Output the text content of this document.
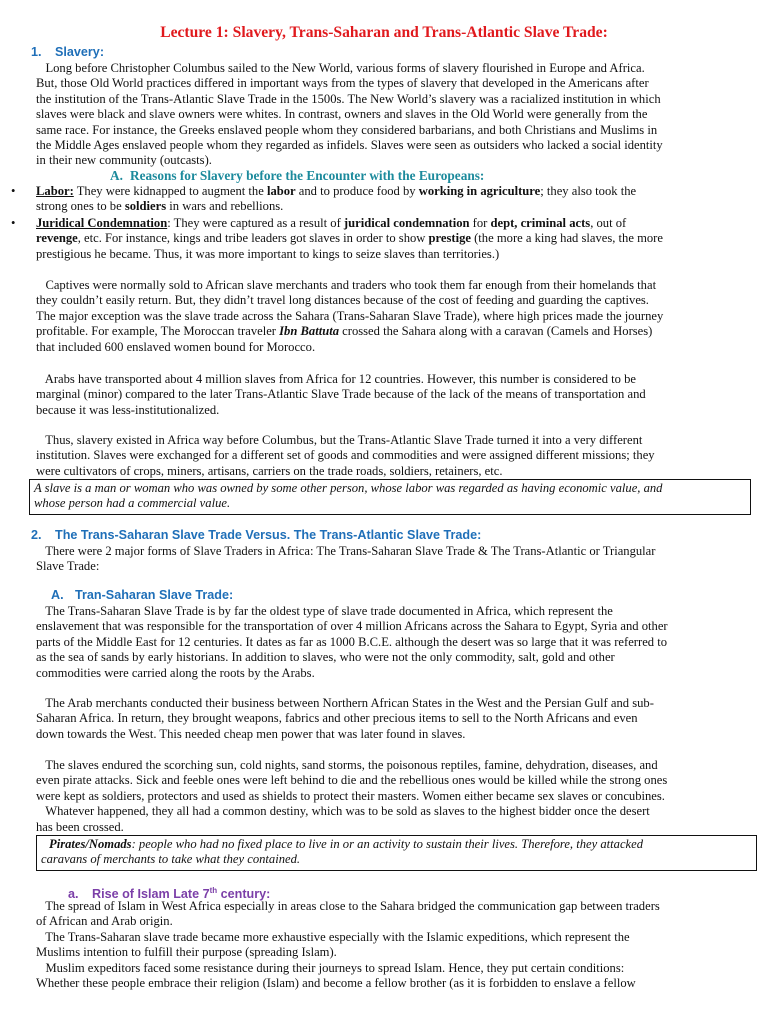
Lecture 1: Slavery, Trans-Saharan and Trans-Atlantic Slave Trade:
1. Slavery:

Long before Christopher Columbus sailed to the New World, various forms of slavery flourished in Europe and Africa.

But, those Old World practices differed in important ways from the types of slavery that developed in the Americans after

the institution of the Trans-Atlantic Slave Trade in the 1500s. The New World’s slavery was a racialized institution in which

slaves were black and slave owners were whites. In contrast, owners and slaves in the Old World were generally from the

same race. For instance, the Greeks enslaved people whom they considered barbarians, and both Christians and Muslims in

the Middle Ages enslaved people whom they regarded as infidels. Slaves were seen as outsiders who lacked a social identity

in their new community (outcasts).

A. Reasons for Slavery before the Encounter with the Europeans:
• Labor: They were kidnapped to augment the labor and to produce food by working in agriculture; they also took the

strong ones to be soldiers in wars and rebellions.

• Juridical Condemnation: They were captured as a result of juridical condemnation for dept, criminal acts, out of

revenge, etc. For instance, kings and tribe leaders got slaves in order to show prestige (the more a king had slaves, the more

prestigious he became. Thus, it was more important to kings to seize slaves than territories.)

Captives were normally sold to African slave merchants and traders who took them far enough from their homelands that

they couldn’t easily return. But, they didn’t travel long distances because of the cost of feeding and guarding the captives.

The major exception was the slave trade across the Sahara (Trans-Saharan Slave Trade), where high prices made the journey

profitable. For example, The Moroccan traveler Ibn Battuta crossed the Sahara along with a caravan (Camels and Horses)

that included 600 enslaved women bound for Morocco.

Arabs have transported about 4 million slaves from Africa for 12 countries. However, this number is considered to be

marginal (minor) compared to the later Trans-Atlantic Slave Trade because of the lack of the means of transportation and

because it was less-institutionalized.

Thus, slavery existed in Africa way before Columbus, but the Trans-Atlantic Slave Trade turned it into a very different

institution. Slaves were exchanged for a different set of goods and commodities and were assigned different missions; they

were cultivators of crops, miners, artisans, carriers on the trade roads, soldiers, retainers, etc.

A slave is a man or woman who was owned by some other person, whose labor was regarded as having economic value, and

whose person had a commercial value.

2. The Trans-Saharan Slave Trade Versus. The Trans-Atlantic Slave Trade:

There were 2 major forms of Slave Traders in Africa: The Trans-Saharan Slave Trade & The Trans-Atlantic or Triangular

Slave Trade:

A. Tran-Saharan Slave Trade:

The Trans-Saharan Slave Trade is by far the oldest type of slave trade documented in Africa, which represent the

enslavement that was responsible for the transportation of over 4 million Africans across the Sahara to Egypt, Syria and other

parts of the Middle East for 12 centuries. It dates as far as 1000 B.C.E. although the desert was so large that it was referred to

as the sea of sands by early historians. In addition to slaves, who were not the only commodity, salt, gold and other

commodities were carried along the roots by the Arabs.

The Arab merchants conducted their business between Northern African States in the West and the Persian Gulf and sub-

Saharan Africa. In return, they brought weapons, fabrics and other precious items to sell to the North Africans and even

down towards the West. This needed cheap men power that was later found in slaves.

The slaves endured the scorching sun, cold nights, sand storms, the poisonous reptiles, famine, dehydration, diseases, and

even pirate attacks. Sick and feeble ones were left behind to die and the rebellious ones would be killed while the strong ones

were kept as soldiers, protectors and used as shields to protect their masters. Women either became sex slaves or concubines.

Whatever happened, they all had a common destiny, which was to be sold as slaves to the highest bidder once the desert

has been crossed.

Pirates/Nomads: people who had no fixed place to live in or an activity to sustain their lives. Therefore, they attacked

caravans of merchants to take what they contained.

a. Rise of Islam Late 7th century:

The spread of Islam in West Africa especially in areas close to the Sahara bridged the communication gap between traders

of African and Arab origin.

The Trans-Saharan slave trade became more exhaustive especially with the Islamic expeditions, which represent the

Muslims intention to fulfill their purpose (spreading Islam).

Muslim expeditors faced some resistance during their journeys to spread Islam. Hence, they put certain conditions:

Whether these people embrace their religion (Islam) and become a fellow brother (as it is forbidden to enslave a fellow
